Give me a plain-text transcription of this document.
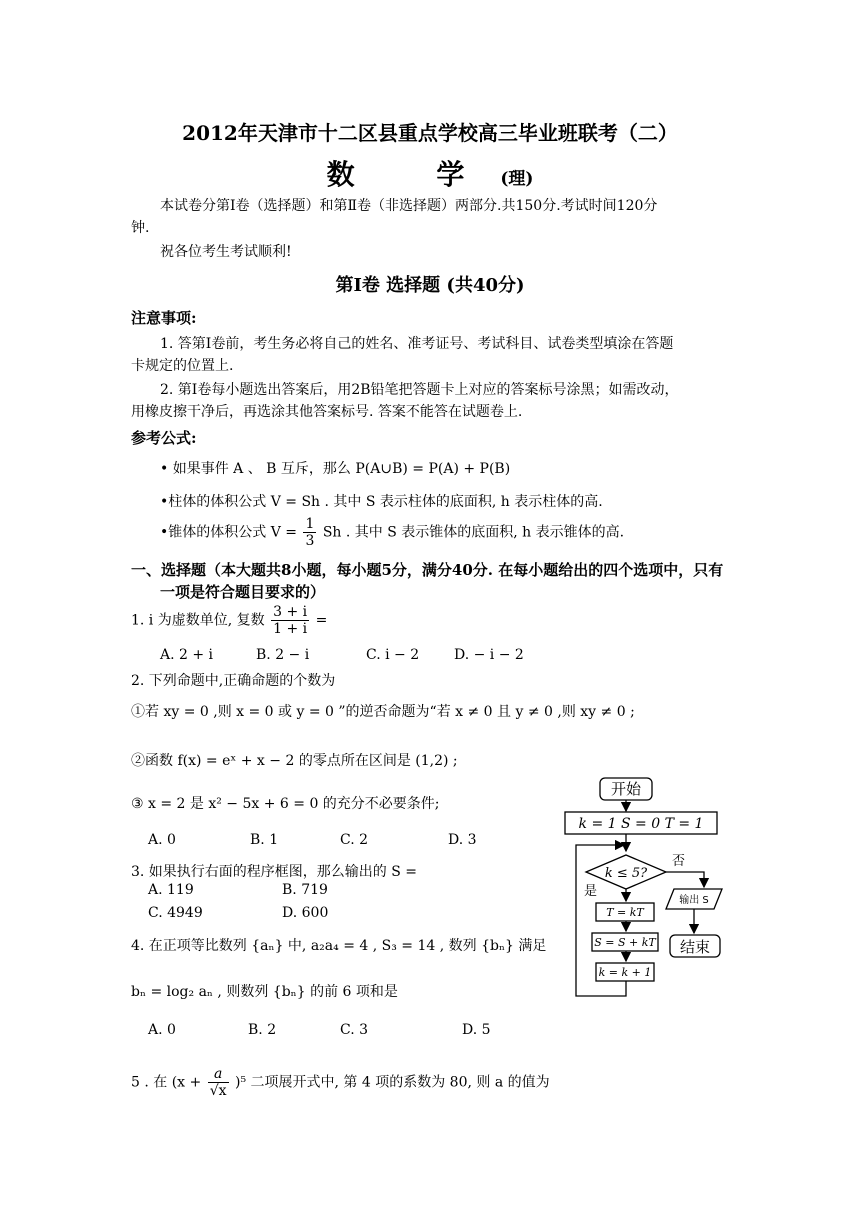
2012年天津市十二区县重点学校高三毕业班联考（二）
数 学(理)
本试卷分第Ⅰ卷（选择题）和第Ⅱ卷（非选择题）两部分.共150分.考试时间120分
钟.
祝各位考生考试顺利!
第Ⅰ卷 选择题 (共40分)
注意事项:
1. 答第Ⅰ卷前，考生务必将自己的姓名、准考证号、考试科目、试卷类型填涂在答题
卡规定的位置上.
2. 第Ⅰ卷每小题选出答案后，用2B铅笔把答题卡上对应的答案标号涂黑；如需改动，
用橡皮擦干净后，再选涂其他答案标号. 答案不能答在试题卷上.
参考公式:
• 如果事件 A 、 B 互斥，那么 P(A∪B) = P(A) + P(B)
•柱体的体积公式 V = Sh . 其中 S 表示柱体的底面积, h 表示柱体的高.
•锥体的体积公式 $V = \frac{1}{3}$ Sh . 其中 S 表示锥体的底面积, h 表示锥体的高.
一、选择题（本大题共8小题，每小题5分，满分40分. 在每小题给出的四个选项中，只有
一项是符合题目要求的）
1. i 为虚数单位, 复数 $\frac{3 + i}{1 + i}$ =
A. 2 + i	B. 2 − i	C. i − 2 D. − i − 2
2. 下列命题中,正确命题的个数为
①若 xy = 0 ,则 x = 0 或 y = 0 ”的逆否命题为“若 x ≠ 0 且 y ≠ 0 ,则 xy ≠ 0 ;
②函数 f(x) = eˣ + x − 2 的零点所在区间是 (1,2) ;
③ x = 2 是 x² − 5x + 6 = 0 的充分不必要条件;
A. 0	B. 1	C. 2	D. 3
3. 如果执行右面的程序框图，那么输出的 S =
A. 119	B. 719
C. 4949	D. 600
4. 在正项等比数列 {aₙ} 中, a₂a₄ = 4 , S₃ = 14 , 数列 {bₙ} 满足
bₙ = log₂ aₙ , 则数列 {bₙ} 的前 6 项和是
A. 0	B. 2	C. 3	D. 5
5 . 在 $(x + \frac{a}{√x} )^5$ 二项展开式中, 第 4 项的系数为 80, 则 a 的值为
开始
k = 1 S = 0 T = 1
k ≤ 5?
否
是
输出 S
结束
T = kT
S = S + kT
k = k + 1
